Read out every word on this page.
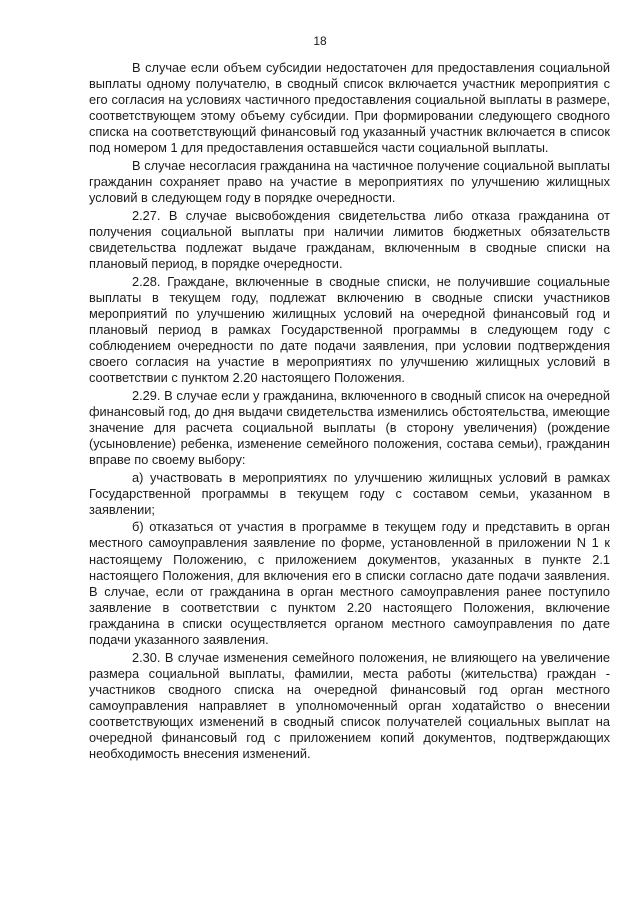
18

В случае если объем субсидии недостаточен для предоставления социальной выплаты одному получателю, в сводный список включается участник мероприятия с его согласия на условиях частичного предоставления социальной выплаты в размере, соответствующем этому объему субсидии. При формировании следующего сводного списка на соответствующий финансовый год указанный участник включается в список под номером 1 для предоставления оставшейся части социальной выплаты.

В случае несогласия гражданина на частичное получение социальной выплаты гражданин сохраняет право на участие в мероприятиях по улучшению жилищных условий в следующем году в порядке очередности.

2.27. В случае высвобождения свидетельства либо отказа гражданина от получения социальной выплаты при наличии лимитов бюджетных обязательств свидетельства подлежат выдаче гражданам, включенным в сводные списки на плановый период, в порядке очередности.

2.28. Граждане, включенные в сводные списки, не получившие социальные выплаты в текущем году, подлежат включению в сводные списки участников мероприятий по улучшению жилищных условий на очередной финансовый год и плановый период в рамках Государственной программы в следующем году с соблюдением очередности по дате подачи заявления, при условии подтверждения своего согласия на участие в мероприятиях по улучшению жилищных условий в соответствии с пунктом 2.20 настоящего Положения.

2.29. В случае если у гражданина, включенного в сводный список на очередной финансовый год, до дня выдачи свидетельства изменились обстоятельства, имеющие значение для расчета социальной выплаты (в сторону увеличения) (рождение (усыновление) ребенка, изменение семейного положения, состава семьи), гражданин вправе по своему выбору:

а) участвовать в мероприятиях по улучшению жилищных условий в рамках Государственной программы в текущем году с составом семьи, указанном в заявлении;

б) отказаться от участия в программе в текущем году и представить в орган местного самоуправления заявление по форме, установленной в приложении N 1 к настоящему Положению, с приложением документов, указанных в пункте 2.1 настоящего Положения, для включения его в списки согласно дате подачи заявления. В случае, если от гражданина в орган местного самоуправления ранее поступило заявление в соответствии с пунктом 2.20 настоящего Положения, включение гражданина в списки осуществляется органом местного самоуправления по дате подачи указанного заявления.

2.30. В случае изменения семейного положения, не влияющего на увеличение размера социальной выплаты, фамилии, места работы (жительства) граждан - участников сводного списка на очередной финансовый год орган местного самоуправления направляет в уполномоченный орган ходатайство о внесении соответствующих изменений в сводный список получателей социальных выплат на очередной финансовый год с приложением копий документов, подтверждающих необходимость внесения изменений.
